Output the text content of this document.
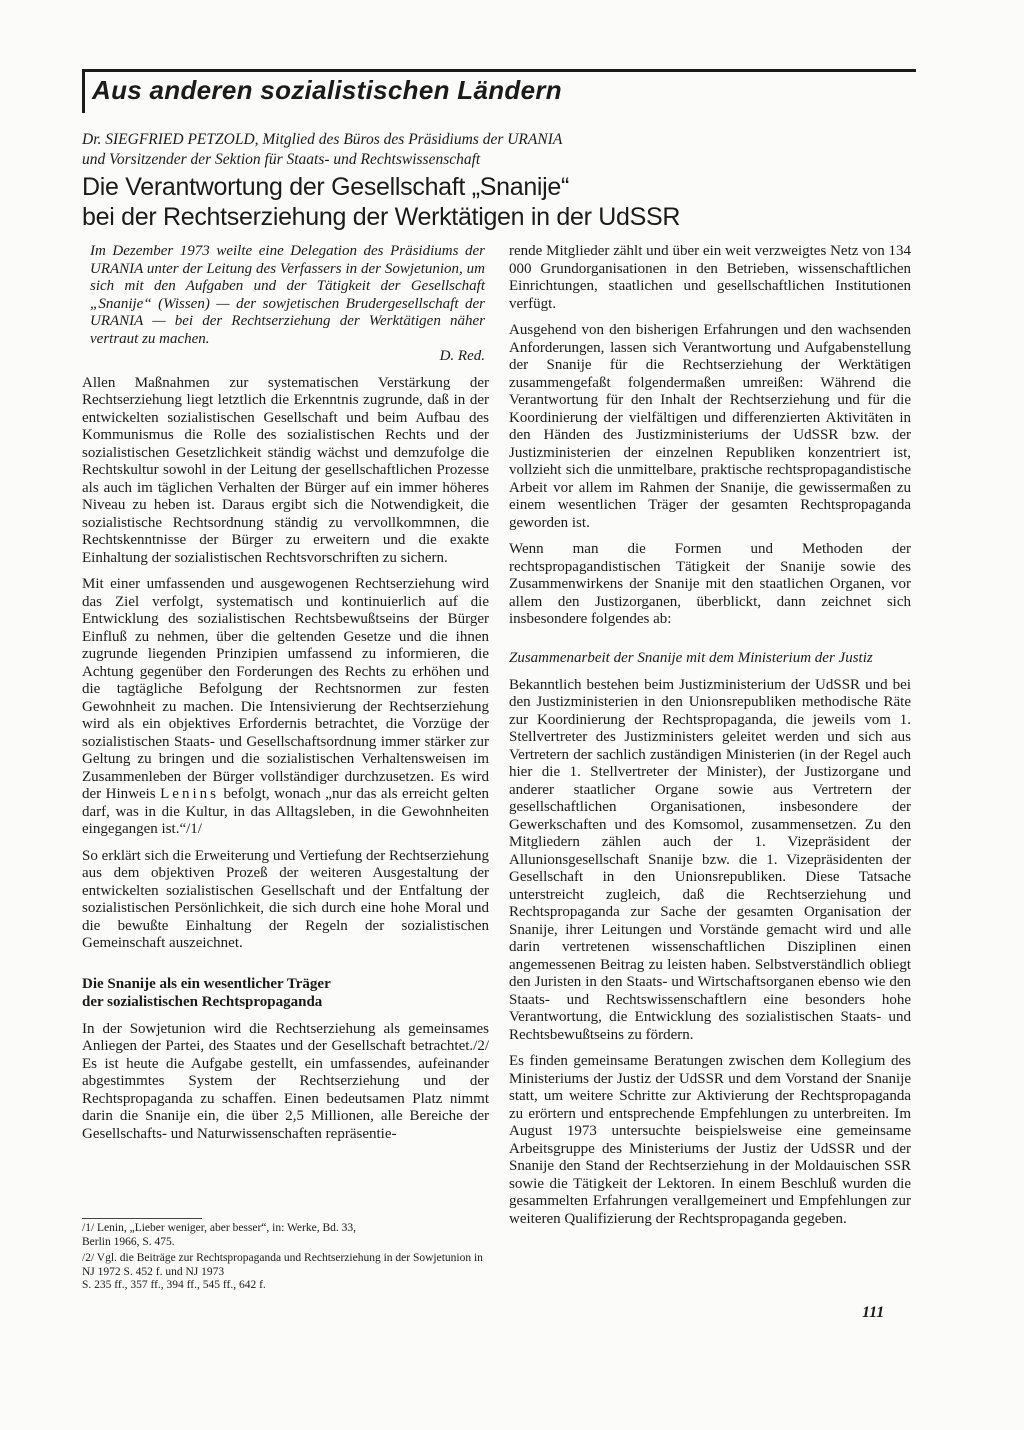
Aus anderen sozialistischen Ländern
Dr. SIEGFRIED PETZOLD, Mitglied des Büros des Präsidiums der URANIA
und Vorsitzender der Sektion für Staats- und Rechtswissenschaft
Die Verantwortung der Gesellschaft „Snanije“
bei der Rechtserziehung der Werktätigen in der UdSSR

Im Dezember 1973 weilte eine Delegation des Präsidiums der URANIA unter der Leitung des Verfassers in der Sowjetunion, um sich mit den Aufgaben und der Tätigkeit der Gesellschaft „Snanije“ (Wissen) — der sowjetischen Brudergesellschaft der URANIA — bei der Rechtserziehung der Werktätigen näher vertraut zu machen.
D. Red.

Allen Maßnahmen zur systematischen Verstärkung der Rechtserziehung liegt letztlich die Erkenntnis zugrunde, daß in der entwickelten sozialistischen Gesellschaft und beim Aufbau des Kommunismus die Rolle des sozialistischen Rechts und der sozialistischen Gesetzlichkeit ständig wächst und demzufolge die Rechtskultur sowohl in der Leitung der gesellschaftlichen Prozesse als auch im täglichen Verhalten der Bürger auf ein immer höheres Niveau zu heben ist. Daraus ergibt sich die Notwendigkeit, die sozialistische Rechtsordnung ständig zu vervollkommnen, die Rechtskenntnisse der Bürger zu erweitern und die exakte Einhaltung der sozialistischen Rechtsvorschriften zu sichern.

Mit einer umfassenden und ausgewogenen Rechtserziehung wird das Ziel verfolgt, systematisch und kontinuierlich auf die Entwicklung des sozialistischen Rechtsbewußtseins der Bürger Einfluß zu nehmen, über die geltenden Gesetze und die ihnen zugrunde liegenden Prinzipien umfassend zu informieren, die Achtung gegenüber den Forderungen des Rechts zu erhöhen und die tagtägliche Befolgung der Rechtsnormen zur festen Gewohnheit zu machen. Die Intensivierung der Rechtserziehung wird als ein objektives Erfordernis betrachtet, die Vorzüge der sozialistischen Staats- und Gesellschaftsordnung immer stärker zur Geltung zu bringen und die sozialistischen Verhaltensweisen im Zusammenleben der Bürger vollständiger durchzusetzen. Es wird der Hinweis Lenins befolgt, wonach „nur das als erreicht gelten darf, was in die Kultur, in das Alltagsleben, in die Gewohnheiten eingegangen ist.“/1/

So erklärt sich die Erweiterung und Vertiefung der Rechtserziehung aus dem objektiven Prozeß der weiteren Ausgestaltung der entwickelten sozialistischen Gesellschaft und der Entfaltung der sozialistischen Persönlichkeit, die sich durch eine hohe Moral und die bewußte Einhaltung der Regeln der sozialistischen Gemeinschaft auszeichnet.

Die Snanije als ein wesentlicher Träger
der sozialistischen Rechtspropaganda

In der Sowjetunion wird die Rechtserziehung als gemeinsames Anliegen der Partei, des Staates und der Gesellschaft betrachtet./2/ Es ist heute die Aufgabe gestellt, ein umfassendes, aufeinander abgestimmtes System der Rechtserziehung und der Rechtspropaganda zu schaffen. Einen bedeutsamen Platz nimmt darin die Snanije ein, die über 2,5 Millionen, alle Bereiche der Gesellschafts- und Naturwissenschaften repräsentie-

/1/ Lenin, „Lieber weniger, aber besser“, in: Werke, Bd. 33,
Berlin 1966, S. 475.
/2/ Vgl. die Beiträge zur Rechtspropaganda und Rechtserziehung in der Sowjetunion in NJ 1972 S. 452 f. und NJ 1973
S. 235 ff., 357 ff., 394 ff., 545 ff., 642 f.

rende Mitglieder zählt und über ein weit verzweigtes Netz von 134 000 Grundorganisationen in den Betrieben, wissenschaftlichen Einrichtungen, staatlichen und gesellschaftlichen Institutionen verfügt.

Ausgehend von den bisherigen Erfahrungen und den wachsenden Anforderungen, lassen sich Verantwortung und Aufgabenstellung der Snanije für die Rechtserziehung der Werktätigen zusammengefaßt folgendermaßen umreißen: Während die Verantwortung für den Inhalt der Rechtserziehung und für die Koordinierung der vielfältigen und differenzierten Aktivitäten in den Händen des Justizministeriums der UdSSR bzw. der Justizministerien der einzelnen Republiken konzentriert ist, vollzieht sich die unmittelbare, praktische rechtspropagandistische Arbeit vor allem im Rahmen der Snanije, die gewissermaßen zu einem wesentlichen Träger der gesamten Rechtspropaganda geworden ist.

Wenn man die Formen und Methoden der rechtspropagandistischen Tätigkeit der Snanije sowie des Zusammenwirkens der Snanije mit den staatlichen Organen, vor allem den Justizorganen, überblickt, dann zeichnet sich insbesondere folgendes ab:

Zusammenarbeit der Snanije mit dem Ministerium der Justiz

Bekanntlich bestehen beim Justizministerium der UdSSR und bei den Justizministerien in den Unionsrepubliken methodische Räte zur Koordinierung der Rechtspropaganda, die jeweils vom 1. Stellvertreter des Justizministers geleitet werden und sich aus Vertretern der sachlich zuständigen Ministerien (in der Regel auch hier die 1. Stellvertreter der Minister), der Justizorgane und anderer staatlicher Organe sowie aus Vertretern der gesellschaftlichen Organisationen, insbesondere der Gewerkschaften und des Komsomol, zusammensetzen. Zu den Mitgliedern zählen auch der 1. Vizepräsident der Allunionsgesellschaft Snanije bzw. die 1. Vizepräsidenten der Gesellschaft in den Unionsrepubliken. Diese Tatsache unterstreicht zugleich, daß die Rechtserziehung und Rechtspropaganda zur Sache der gesamten Organisation der Snanije, ihrer Leitungen und Vorstände gemacht wird und alle darin vertretenen wissenschaftlichen Disziplinen einen angemessenen Beitrag zu leisten haben. Selbstverständlich obliegt den Juristen in den Staats- und Wirtschaftsorganen ebenso wie den Staats- und Rechtswissenschaftlern eine besonders hohe Verantwortung, die Entwicklung des sozialistischen Staats- und Rechtsbewußtseins zu fördern.

Es finden gemeinsame Beratungen zwischen dem Kollegium des Ministeriums der Justiz der UdSSR und dem Vorstand der Snanije statt, um weitere Schritte zur Aktivierung der Rechtspropaganda zu erörtern und entsprechende Empfehlungen zu unterbreiten. Im August 1973 untersuchte beispielsweise eine gemeinsame Arbeitsgruppe des Ministeriums der Justiz der UdSSR und der Snanije den Stand der Rechtserziehung in der Moldauischen SSR sowie die Tätigkeit der Lektoren. In einem Beschluß wurden die gesammelten Erfahrungen verallgemeinert und Empfehlungen zur weiteren Qualifizierung der Rechtspropaganda gegeben.

111
